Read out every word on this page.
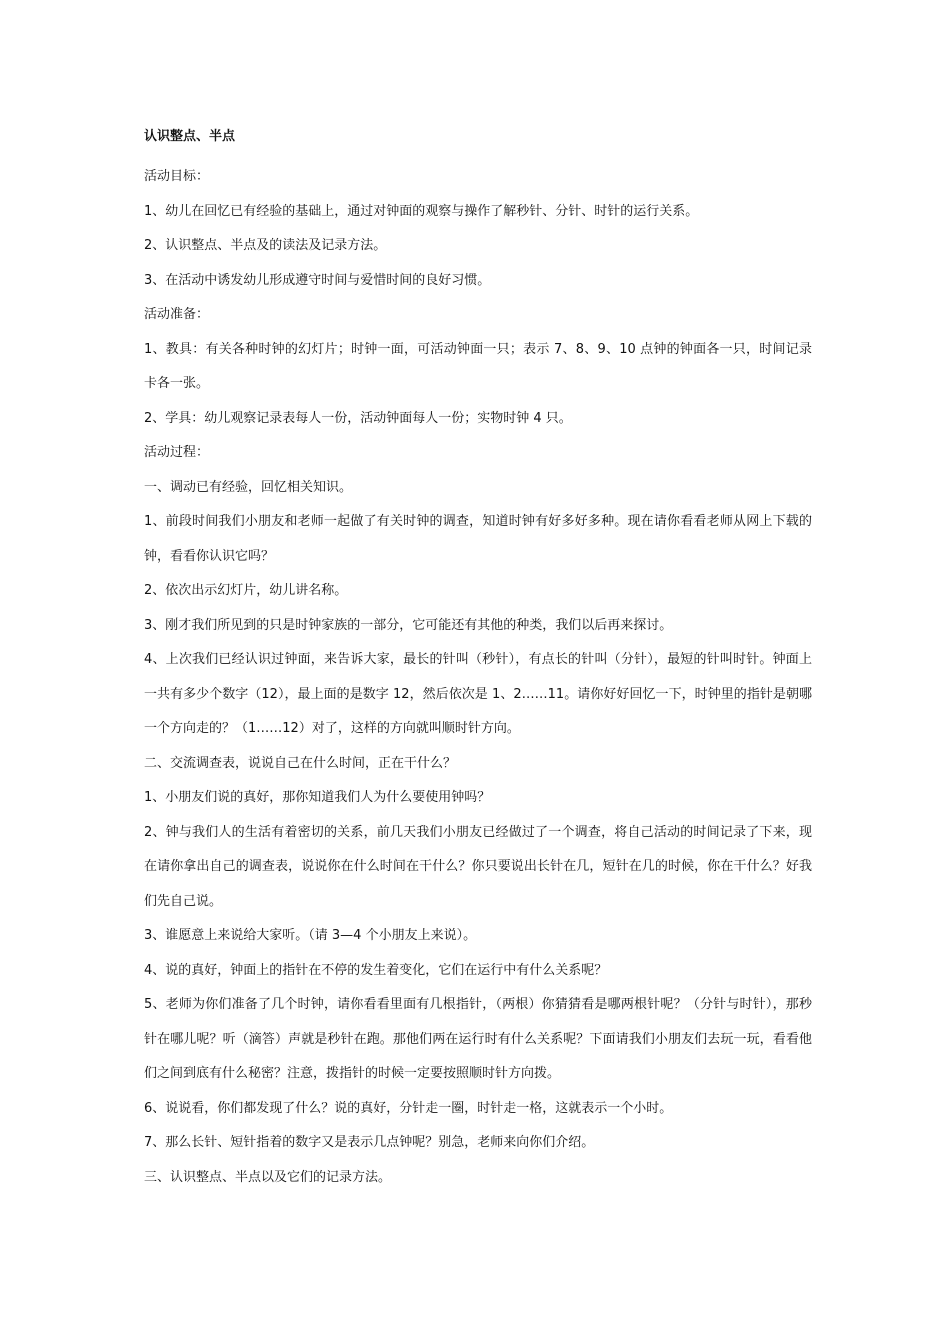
认识整点、半点

活动目标：

1、幼儿在回忆已有经验的基础上，通过对钟面的观察与操作了解秒针、分针、时针的运行关系。

2、认识整点、半点及的读法及记录方法。

3、在活动中诱发幼儿形成遵守时间与爱惜时间的良好习惯。

活动准备：

1、教具：有关各种时钟的幻灯片；时钟一面，可活动钟面一只；表示 7、8、9、10 点钟的钟面各一只，时间记录卡各一张。

2、学具：幼儿观察记录表每人一份，活动钟面每人一份；实物时钟 4 只。

活动过程：

一、调动已有经验，回忆相关知识。

1、前段时间我们小朋友和老师一起做了有关时钟的调查，知道时钟有好多好多种。现在请你看看老师从网上下载的钟，看看你认识它吗？

2、依次出示幻灯片，幼儿讲名称。

3、刚才我们所见到的只是时钟家族的一部分，它可能还有其他的种类，我们以后再来探讨。

4、上次我们已经认识过钟面，来告诉大家，最长的针叫（秒针），有点长的针叫（分针），最短的针叫时针。钟面上一共有多少个数字（12），最上面的是数字 12，然后依次是 1、2……11。请你好好回忆一下，时钟里的指针是朝哪一个方向走的？（1……12）对了，这样的方向就叫顺时针方向。

二、交流调查表，说说自己在什么时间，正在干什么？

1、小朋友们说的真好，那你知道我们人为什么要使用钟吗？

2、钟与我们人的生活有着密切的关系，前几天我们小朋友已经做过了一个调查，将自己活动的时间记录了下来，现在请你拿出自己的调查表，说说你在什么时间在干什么？你只要说出长针在几，短针在几的时候，你在干什么？好我们先自己说。

3、谁愿意上来说给大家听。（请 3—4 个小朋友上来说）。

4、说的真好，钟面上的指针在不停的发生着变化，它们在运行中有什么关系呢？

5、老师为你们准备了几个时钟，请你看看里面有几根指针，（两根）你猜猜看是哪两根针呢？（分针与时针），那秒针在哪儿呢？听（滴答）声就是秒针在跑。那他们两在运行时有什么关系呢？下面请我们小朋友们去玩一玩，看看他们之间到底有什么秘密？注意，拨指针的时候一定要按照顺时针方向拨。

6、说说看，你们都发现了什么？说的真好，分针走一圈，时针走一格，这就表示一个小时。

7、那么长针、短针指着的数字又是表示几点钟呢？别急，老师来向你们介绍。

三、认识整点、半点以及它们的记录方法。
